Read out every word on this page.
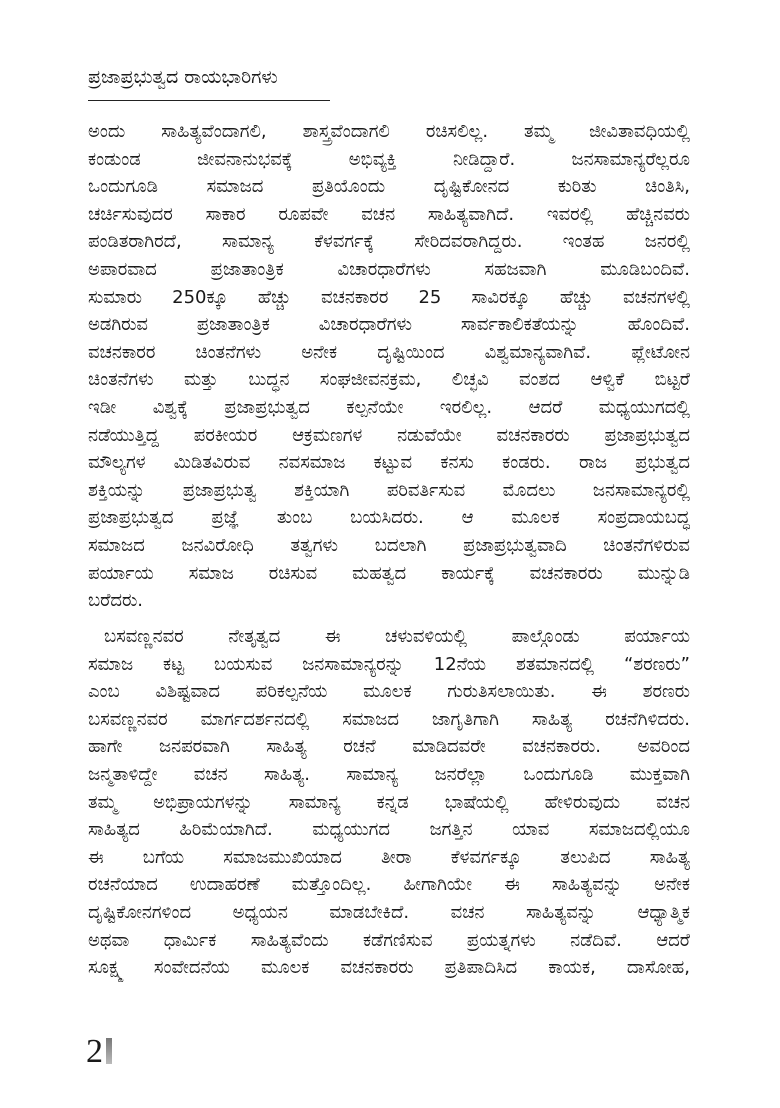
ಪ್ರಜಾಪ್ರಭುತ್ವದ ರಾಯಭಾರಿಗಳು
ಅಂದು ಸಾಹಿತ್ಯವೆಂದಾಗಲಿ, ಶಾಸ್ತ್ರವೆಂದಾಗಲಿ ರಚಿಸಲಿಲ್ಲ. ತಮ್ಮ ಜೀವಿತಾವಧಿಯಲ್ಲಿ
ಕಂಡುಂಡ ಜೀವನಾನುಭವಕ್ಕೆ ಅಭಿವ್ಯಕ್ತಿ ನೀಡಿದ್ದಾರೆ. ಜನಸಾಮಾನ್ಯರೆಲ್ಲರೂ
ಒಂದುಗೂಡಿ ಸಮಾಜದ ಪ್ರತಿಯೊಂದು ದೃಷ್ಟಿಕೋನದ ಕುರಿತು ಚಿಂತಿಸಿ,
ಚರ್ಚಿಸುವುದರ ಸಾಕಾರ ರೂಪವೇ ವಚನ ಸಾಹಿತ್ಯವಾಗಿದೆ. ಇವರಲ್ಲಿ ಹೆಚ್ಚಿನವರು
ಪಂಡಿತರಾಗಿರದೆ, ಸಾಮಾನ್ಯ ಕೆಳವರ್ಗಕ್ಕೆ ಸೇರಿದವರಾಗಿದ್ದರು. ಇಂತಹ ಜನರಲ್ಲಿ
ಅಪಾರವಾದ ಪ್ರಜಾತಾಂತ್ರಿಕ ವಿಚಾರಧಾರೆಗಳು ಸಹಜವಾಗಿ ಮೂಡಿಬಂದಿವೆ.
ಸುಮಾರು 250ಕ್ಕೂ ಹೆಚ್ಚು ವಚನಕಾರರ 25 ಸಾವಿರಕ್ಕೂ ಹೆಚ್ಚು ವಚನಗಳಲ್ಲಿ
ಅಡಗಿರುವ ಪ್ರಜಾತಾಂತ್ರಿಕ ವಿಚಾರಧಾರೆಗಳು ಸಾರ್ವಕಾಲಿಕತೆಯನ್ನು ಹೊಂದಿವೆ.
ವಚನಕಾರರ ಚಿಂತನೆಗಳು ಅನೇಕ ದೃಷ್ಟಿಯಿಂದ ವಿಶ್ವಮಾನ್ಯವಾಗಿವೆ. ಪ್ಲೇಟೋನ
ಚಿಂತನೆಗಳು ಮತ್ತು ಬುದ್ಧನ ಸಂಘಜೀವನಕ್ರಮ, ಲಿಚ್ಛವಿ ವಂಶದ ಆಳ್ವಿಕೆ ಬಿಟ್ಟರೆ
ಇಡೀ ವಿಶ್ವಕ್ಕೆ ಪ್ರಜಾಪ್ರಭುತ್ವದ ಕಲ್ಪನೆಯೇ ಇರಲಿಲ್ಲ. ಆದರೆ ಮಧ್ಯಯುಗದಲ್ಲಿ
ನಡೆಯುತ್ತಿದ್ದ ಪರಕೀಯರ ಆಕ್ರಮಣಗಳ ನಡುವೆಯೇ ವಚನಕಾರರು ಪ್ರಜಾಪ್ರಭುತ್ವದ
ಮೌಲ್ಯಗಳ ಮಿಡಿತವಿರುವ ನವಸಮಾಜ ಕಟ್ಟುವ ಕನಸು ಕಂಡರು. ರಾಜ ಪ್ರಭುತ್ವದ
ಶಕ್ತಿಯನ್ನು ಪ್ರಜಾಪ್ರಭುತ್ವ ಶಕ್ತಿಯಾಗಿ ಪರಿವರ್ತಿಸುವ ಮೊದಲು ಜನಸಾಮಾನ್ಯರಲ್ಲಿ
ಪ್ರಜಾಪ್ರಭುತ್ವದ ಪ್ರಜ್ಞೆ ತುಂಬ ಬಯಸಿದರು. ಆ ಮೂಲಕ ಸಂಪ್ರದಾಯಬದ್ಧ
ಸಮಾಜದ ಜನವಿರೋಧಿ ತತ್ವಗಳು ಬದಲಾಗಿ ಪ್ರಜಾಪ್ರಭುತ್ವವಾದಿ ಚಿಂತನೆಗಳಿರುವ
ಪರ್ಯಾಯ ಸಮಾಜ ರಚಿಸುವ ಮಹತ್ವದ ಕಾರ್ಯಕ್ಕೆ ವಚನಕಾರರು ಮುನ್ನುಡಿ
ಬರೆದರು.
ಬಸವಣ್ಣನವರ ನೇತೃತ್ವದ ಈ ಚಳುವಳಿಯಲ್ಲಿ ಪಾಲ್ಗೊಂಡು ಪರ್ಯಾಯ
ಸಮಾಜ ಕಟ್ಟ ಬಯಸುವ ಜನಸಾಮಾನ್ಯರನ್ನು 12ನೆಯ ಶತಮಾನದಲ್ಲಿ “ಶರಣರು”
ಎಂಬ ವಿಶಿಷ್ಟವಾದ ಪರಿಕಲ್ಪನೆಯ ಮೂಲಕ ಗುರುತಿಸಲಾಯಿತು. ಈ ಶರಣರು
ಬಸವಣ್ಣನವರ ಮಾರ್ಗದರ್ಶನದಲ್ಲಿ ಸಮಾಜದ ಜಾಗೃತಿಗಾಗಿ ಸಾಹಿತ್ಯ ರಚನೆಗಿಳಿದರು.
ಹಾಗೇ ಜನಪರವಾಗಿ ಸಾಹಿತ್ಯ ರಚನೆ ಮಾಡಿದವರೇ ವಚನಕಾರರು. ಅವರಿಂದ
ಜನ್ಮತಾಳಿದ್ದೇ ವಚನ ಸಾಹಿತ್ಯ. ಸಾಮಾನ್ಯ ಜನರೆಲ್ಲಾ ಒಂದುಗೂಡಿ ಮುಕ್ತವಾಗಿ
ತಮ್ಮ ಅಭಿಪ್ರಾಯಗಳನ್ನು ಸಾಮಾನ್ಯ ಕನ್ನಡ ಭಾಷೆಯಲ್ಲಿ ಹೇಳಿರುವುದು ವಚನ
ಸಾಹಿತ್ಯದ ಹಿರಿಮೆಯಾಗಿದೆ. ಮಧ್ಯಯುಗದ ಜಗತ್ತಿನ ಯಾವ ಸಮಾಜದಲ್ಲಿಯೂ
ಈ ಬಗೆಯ ಸಮಾಜಮುಖಿಯಾದ ತೀರಾ ಕೆಳವರ್ಗಕ್ಕೂ ತಲುಪಿದ ಸಾಹಿತ್ಯ
ರಚನೆಯಾದ ಉದಾಹರಣೆ ಮತ್ತೊಂದಿಲ್ಲ. ಹೀಗಾಗಿಯೇ ಈ ಸಾಹಿತ್ಯವನ್ನು ಅನೇಕ
ದೃಷ್ಟಿಕೋನಗಳಿಂದ ಅಧ್ಯಯನ ಮಾಡಬೇಕಿದೆ. ವಚನ ಸಾಹಿತ್ಯವನ್ನು ಆಧ್ಯಾತ್ಮಿಕ
ಅಥವಾ ಧಾರ್ಮಿಕ ಸಾಹಿತ್ಯವೆಂದು ಕಡೆಗಣಿಸುವ ಪ್ರಯತ್ನಗಳು ನಡೆದಿವೆ. ಆದರೆ
ಸೂಕ್ಷ್ಮ ಸಂವೇದನೆಯ ಮೂಲಕ ವಚನಕಾರರು ಪ್ರತಿಪಾದಿಸಿದ ಕಾಯಕ, ದಾಸೋಹ,
2
